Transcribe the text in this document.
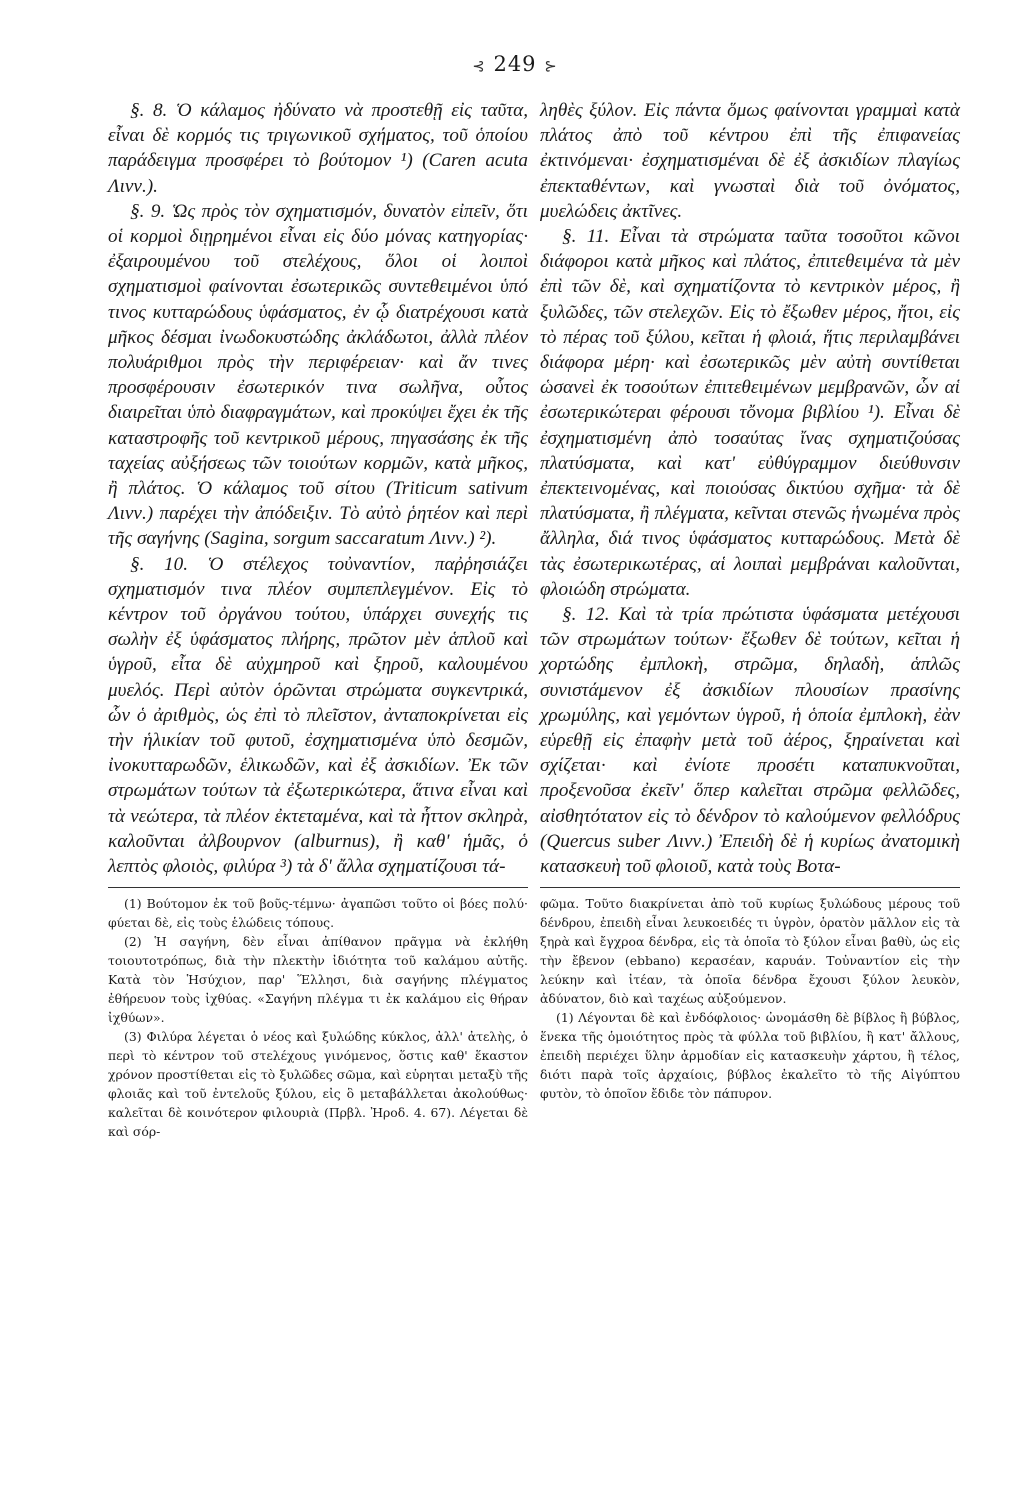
⊰ 249 ⊱

§. 8. Ὁ κάλαμος ἠδύνατο νὰ προστεθῇ εἰς ταῦτα, εἶναι δὲ κορμός τις τριγωνικοῦ σχήματος, τοῦ ὁποίου παράδειγμα προσφέρει τὸ βούτομον ¹) (Caren acuta Λινν.).

§. 9. Ὡς πρὸς τὸν σχηματισμόν, δυνατὸν εἰπεῖν, ὅτι οἱ κορμοὶ διῃρημένοι εἶναι εἰς δύο μόνας κατηγορίας· ἐξαιρουμένου τοῦ στελέχους, ὅλοι οἱ λοιποὶ σχηματισμοὶ φαίνονται ἐσωτερικῶς συντεθειμένοι ὑπό τινος κυτταρώδους ὑφάσματος, ἐν ᾧ διατρέχουσι κατὰ μῆκος δέσμαι ἰνωδοκυστώδης ἀκλάδωτοι, ἀλλὰ πλέον πολυάριθμοι πρὸς τὴν περιφέρειαν· καὶ ἄν τινες προσφέρουσιν ἐσωτερικόν τινα σωλῆνα, οὗτος διαιρεῖται ὑπὸ διαφραγμάτων, καὶ προκύψει ἔχει ἐκ τῆς καταστροφῆς τοῦ κεντρικοῦ μέρους, πηγασάσης ἐκ τῆς ταχείας αὐξήσεως τῶν τοιούτων κορμῶν, κατὰ μῆκος, ἢ πλάτος. Ὁ κάλαμος τοῦ σίτου (Triticum sativum Λινν.) παρέχει τὴν ἀπόδειξιν. Τὸ αὐτὸ ῥητέον καὶ περὶ τῆς σαγήνης (Sagina, sorgum saccaratum Λινν.) ²).

§. 10. Ὁ στέλεχος τοὐναντίον, παῤῥησιάζει σχηματισμόν τινα πλέον συμπεπλεγμένον. Εἰς τὸ κέντρον τοῦ ὀργάνου τούτου, ὑπάρχει συνεχής τις σωλὴν ἐξ ὑφάσματος πλήρης, πρῶτον μὲν ἁπλοῦ καὶ ὑγροῦ, εἶτα δὲ αὐχμηροῦ καὶ ξηροῦ, καλουμένου μυελός. Περὶ αὐτὸν ὁρῶνται στρώματα συγκεντρικά, ὧν ὁ ἀριθμὸς, ὡς ἐπὶ τὸ πλεῖστον, ἀνταποκρίνεται εἰς τὴν ἡλικίαν τοῦ φυτοῦ, ἐσχηματισμένα ὑπὸ δεσμῶν, ἰνοκυτταρωδῶν, ἑλικωδῶν, καὶ ἐξ ἀσκιδίων. Ἐκ τῶν στρωμάτων τούτων τὰ ἐξωτερικώτερα, ἅτινα εἶναι καὶ τὰ νεώτερα, τὰ πλέον ἐκτεταμένα, καὶ τὰ ἧττον σκληρὰ, καλοῦνται ἀλβουρνον (alburnus), ἢ καθ' ἡμᾶς, ὁ λεπτὸς φλοιὸς, φιλύρα ³) τὰ δ' ἄλλα σχηματίζουσι τά-

(1) Βούτομον ἐκ τοῦ βοῦς-τέμνω· ἀγαπῶσι τοῦτο οἱ βόες πολύ· φύεται δὲ, εἰς τοὺς ἑλώδεις τόπους.

(2) Ἡ σαγήνη, δὲν εἶναι ἀπίθανον πρᾶγμα νὰ ἐκλήθη τοιουτοτρόπως, διὰ τὴν πλεκτὴν ἰδιότητα τοῦ καλάμου αὐτῆς. Κατὰ τὸν Ἡσύχιον, παρ' Ἕλλησι, διὰ σαγήνης πλέγματος ἐθήρευον τοὺς ἰχθύας. «Σαγήνη πλέγμα τι ἐκ καλάμου εἰς θήραν ἰχθύων».

(3) Φιλύρα λέγεται ὁ νέος καὶ ξυλώδης κύκλος, ἀλλ' ἀτελὴς, ὁ περὶ τὸ κέντρον τοῦ στελέχους γινόμενος, ὅστις καθ' ἕκαστον χρόνον προστίθεται εἰς τὸ ξυλῶδες σῶμα, καὶ εὑρηται μεταξὺ τῆς φλοιᾶς καὶ τοῦ ἐντελοῦς ξύλου, εἰς ὃ μεταβάλλεται ἀκολούθως· καλεῖται δὲ κοινότερον φιλουριὰ (Πρβλ. Ἠροδ. 4. 67). Λέγεται δὲ καὶ σόρ-

ληθὲς ξύλον. Εἰς πάντα ὅμως φαίνονται γραμμαὶ κατὰ πλάτος ἀπὸ τοῦ κέντρου ἐπὶ τῆς ἐπιφανείας ἐκτινόμεναι· ἐσχηματισμέναι δὲ ἐξ ἀσκιδίων πλαγίως ἐπεκταθέντων, καὶ γνωσταὶ διὰ τοῦ ὀνόματος, μυελώδεις ἀκτῖνες.

§. 11. Εἶναι τὰ στρώματα ταῦτα τοσοῦτοι κῶνοι διάφοροι κατὰ μῆκος καὶ πλάτος, ἐπιτεθειμένα τὰ μὲν ἐπὶ τῶν δὲ, καὶ σχηματίζοντα τὸ κεντρικὸν μέρος, ἢ ξυλῶδες, τῶν στελεχῶν. Εἰς τὸ ἔξωθεν μέρος, ἤτοι, εἰς τὸ πέρας τοῦ ξύλου, κεῖται ἡ φλοιά, ἥτις περιλαμβάνει διάφορα μέρη· καὶ ἐσωτερικῶς μὲν αὐτὴ συντίθεται ὡσανεὶ ἐκ τοσούτων ἐπιτεθειμένων μεμβρανῶν, ὧν αἱ ἐσωτερικώτεραι φέρουσι τὄνομα βιβλίου ¹). Εἶναι δὲ ἐσχηματισμένη ἀπὸ τοσαύτας ἴνας σχηματιζούσας πλατύσματα, καὶ κατ' εὐθύγραμμον διεύθυνσιν ἐπεκτεινομένας, καὶ ποιούσας δικτύου σχῆμα· τὰ δὲ πλατύσματα, ἢ πλέγματα, κεῖνται στενῶς ἡνωμένα πρὸς ἄλληλα, διά τινος ὑφάσματος κυτταρώδους. Μετὰ δὲ τὰς ἐσωτερικωτέρας, αἱ λοιπαὶ μεμβράναι καλοῦνται, φλοιώδη στρώματα.

§. 12. Καὶ τὰ τρία πρώτιστα ὑφάσματα μετέχουσι τῶν στρωμάτων τούτων· ἔξωθεν δὲ τούτων, κεῖται ἡ χορτώδης ἐμπλοκὴ, στρῶμα, δηλαδὴ, ἁπλῶς συνιστάμενον ἐξ ἀσκιδίων πλουσίων πρασίνης χρωμύλης, καὶ γεμόντων ὑγροῦ, ἡ ὁποία ἐμπλοκὴ, ἐὰν εὑρεθῇ εἰς ἐπαφὴν μετὰ τοῦ ἀέρος, ξηραίνεται καὶ σχίζεται· καὶ ἐνίοτε προσέτι καταπυκνοῦται, προξενοῦσα ἐκεῖν' ὅπερ καλεῖται στρῶμα φελλῶδες, αἰσθητότατον εἰς τὸ δένδρον τὸ καλούμενον φελλόδρυς (Quercus suber Λινν.) Ἐπειδὴ δὲ ἡ κυρίως ἀνατομικὴ κατασκευὴ τοῦ φλοιοῦ, κατὰ τοὺς Βοτα-

φῶμα. Τοῦτο διακρίνεται ἀπὸ τοῦ κυρίως ξυλώδους μέρους τοῦ δένδρου, ἐπειδὴ εἶναι λευκοειδές τι ὑγρὸν, ὁρατὸν μᾶλλον εἰς τὰ ξηρὰ καὶ ἔγχροα δένδρα, εἰς τὰ ὁποῖα τὸ ξύλον εἶναι βαθὺ, ὡς εἰς τὴν ἔβενον (ebbano) κερασέαν, καρυάν. Τοὐναντίον εἰς τὴν λεύκην καὶ ἰτέαν, τὰ ὁποῖα δένδρα ἔχουσι ξύλον λευκὸν, ἀδύνατον, διὸ καὶ ταχέως αὐξούμενον.

(1) Λέγονται δὲ καὶ ἐνδόφλοιος· ὠνομάσθη δὲ βίβλος ἢ βύβλος, ἕνεκα τῆς ὁμοιότητος πρὸς τὰ φύλλα τοῦ βιβλίου, ἢ κατ' ἄλλους, ἐπειδὴ περιέχει ὕλην ἁρμοδίαν εἰς κατασκευὴν χάρτου, ἢ τέλος, διότι παρὰ τοῖς ἀρχαίοις, βύβλος ἐκαλεῖτο τὸ τῆς Αἰγύπτου φυτὸν, τὸ ὁποῖον ἔδιδε τὸν πάπυρον.
